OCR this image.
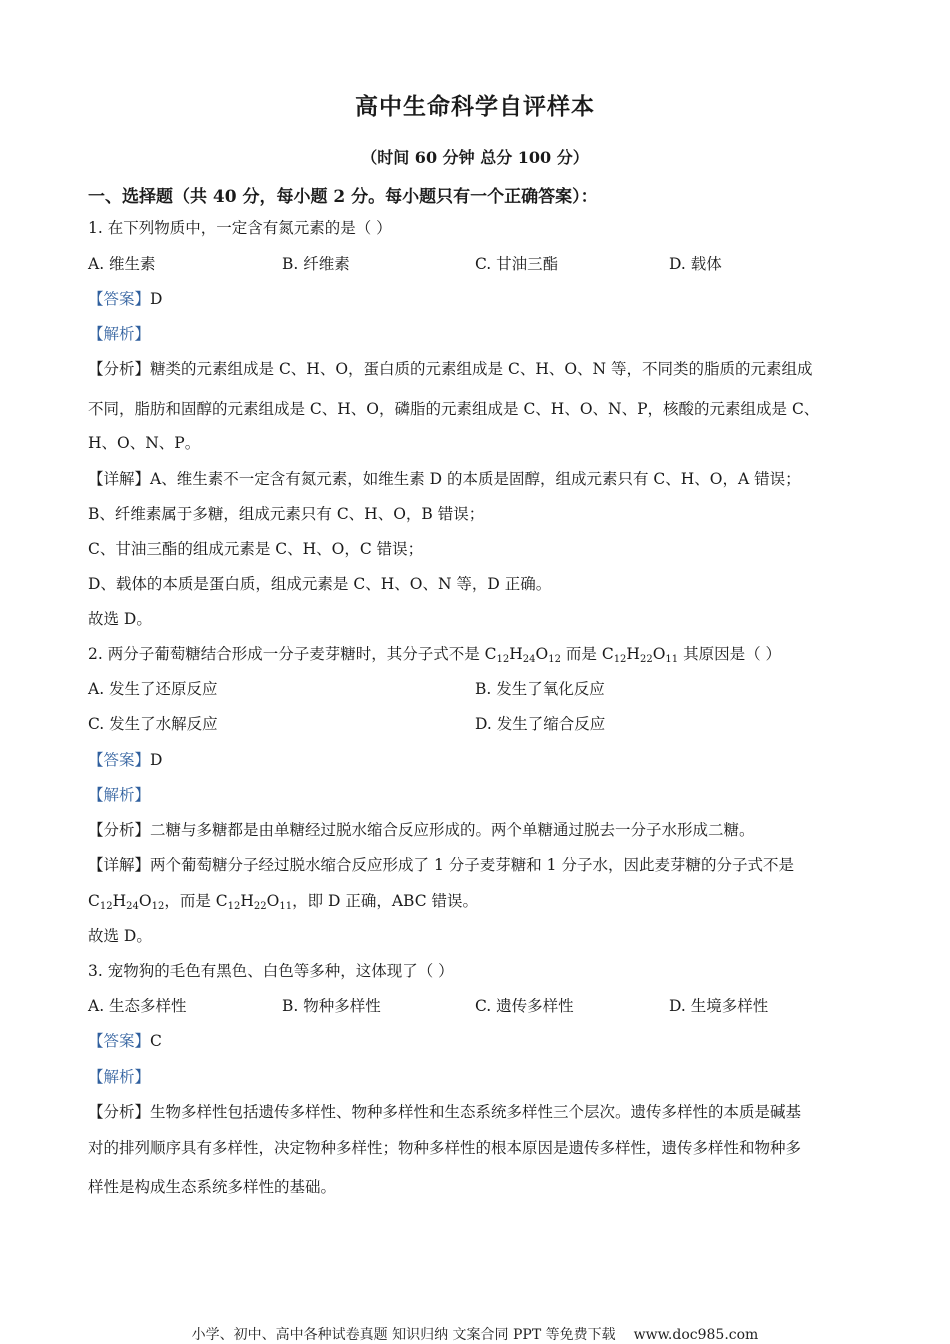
高中生命科学自评样本
（时间 60 分钟 总分 100 分）
一、选择题（共 40 分，每小题 2 分。每小题只有一个正确答案）：
1. 在下列物质中，一定含有氮元素的是（ ）
A. 维生素	B. 纤维素	C. 甘油三酯	D. 载体
【答案】D
【解析】
【分析】糖类的元素组成是 C、H、O，蛋白质的元素组成是 C、H、O、N 等，不同类的脂质的元素组成
不同，脂肪和固醇的元素组成是 C、H、O，磷脂的元素组成是 C、H、O、N、P，核酸的元素组成是 C、
H、O、N、P。
【详解】A、维生素不一定含有氮元素，如维生素 D 的本质是固醇，组成元素只有 C、H、O，A 错误；
B、纤维素属于多糖，组成元素只有 C、H、O，B 错误；
C、甘油三酯的组成元素是 C、H、O，C 错误；
D、载体的本质是蛋白质，组成元素是 C、H、O、N 等，D 正确。
故选 D。
2. 两分子葡萄糖结合形成一分子麦芽糖时，其分子式不是 $C_{12}H_{24}O_{12}$ 而是 $C_{12}H_{22}O_{11}$ 其原因是（ ）
A. 发生了还原反应	B. 发生了氧化反应
C. 发生了水解反应	D. 发生了缩合反应
【答案】D
【解析】
【分析】二糖与多糖都是由单糖经过脱水缩合反应形成的。两个单糖通过脱去一分子水形成二糖。
【详解】两个葡萄糖分子经过脱水缩合反应形成了 1 分子麦芽糖和 1 分子水，因此麦芽糖的分子式不是
$C_{12}H_{24}O_{12}$，而是 $C_{12}H_{22}O_{11}$，即 D 正确，ABC 错误。
故选 D。
3. 宠物狗的毛色有黑色、白色等多种，这体现了（ ）
A. 生态多样性	B. 物种多样性	C. 遗传多样性	D. 生境多样性
【答案】C
【解析】
【分析】生物多样性包括遗传多样性、物种多样性和生态系统多样性三个层次。遗传多样性的本质是碱基
对的排列顺序具有多样性，决定物种多样性；物种多样性的根本原因是遗传多样性，遗传多样性和物种多
样性是构成生态系统多样性的基础。
小学、初中、高中各种试卷真题 知识归纳 文案合同 PPT 等免费下载 www.doc985.com
